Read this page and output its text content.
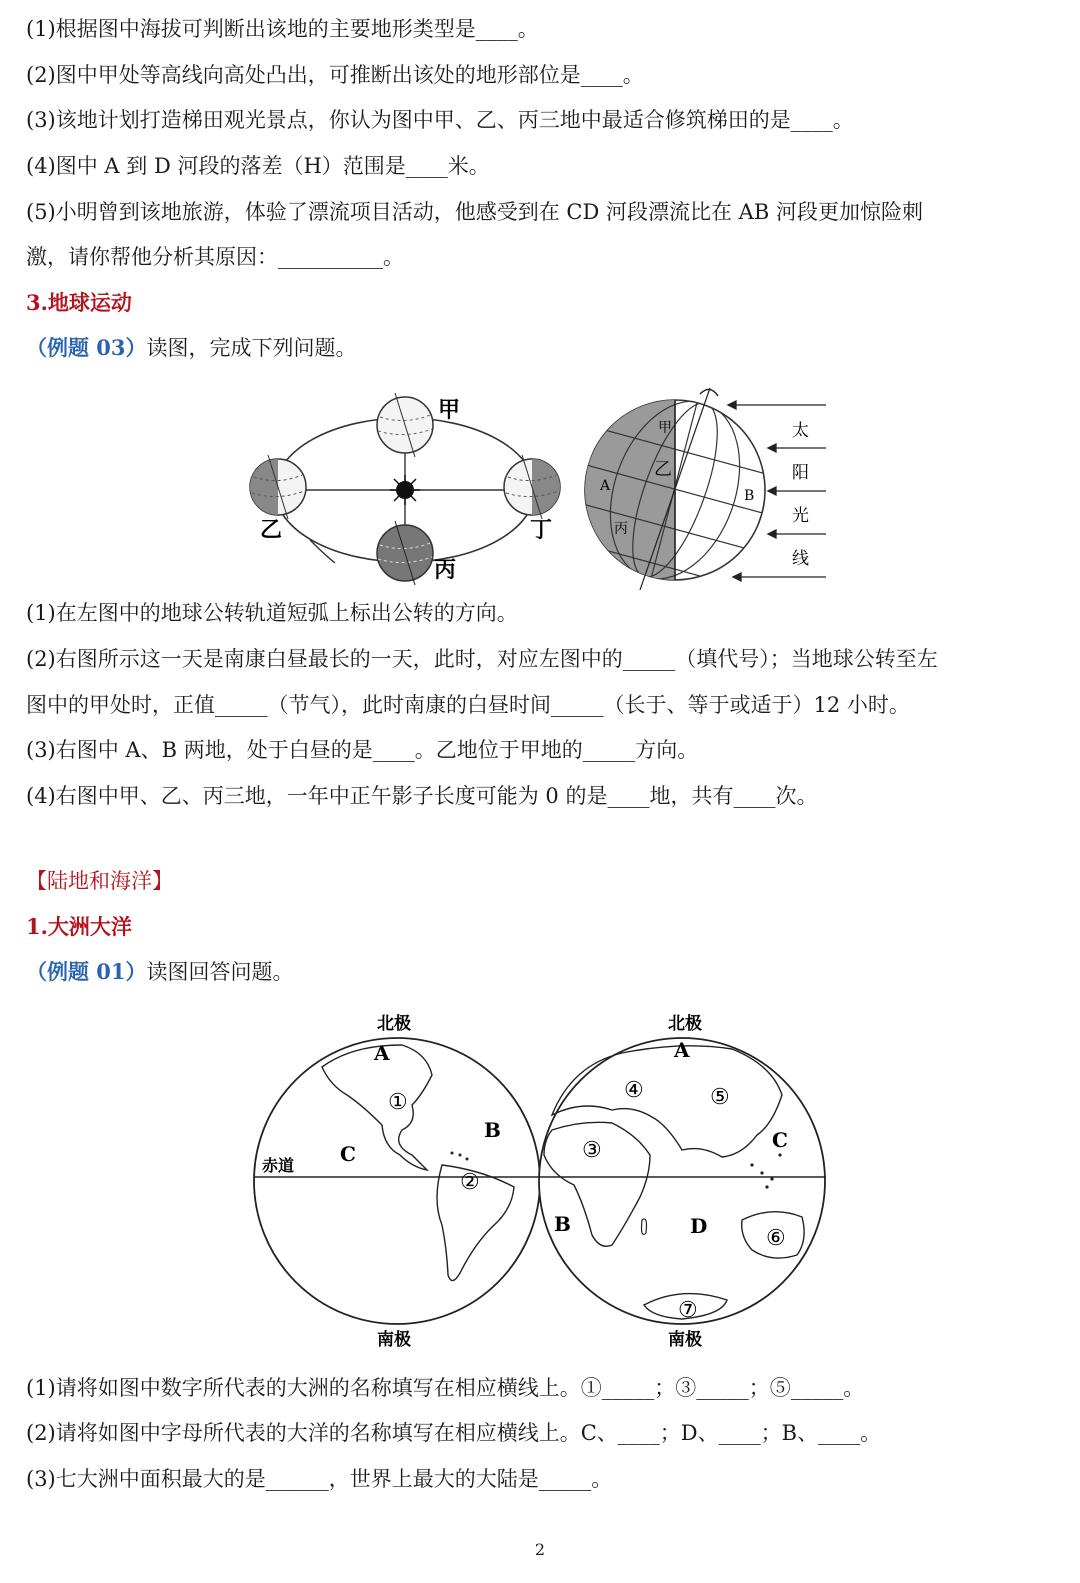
(1)根据图中海拔可判断出该地的主要地形类型是____。
(2)图中甲处等高线向高处凸出，可推断出该处的地形部位是____。
(3)该地计划打造梯田观光景点，你认为图中甲、乙、丙三地中最适合修筑梯田的是____。
(4)图中 A 到 D 河段的落差（H）范围是____米。
(5)小明曾到该地旅游，体验了漂流项目活动，他感受到在 CD 河段漂流比在 AB 河段更加惊险刺
激，请你帮他分析其原因：__________。
3.地球运动
（例题 03）读图，完成下列问题。
甲
乙	丁
丙
甲
乙
A
丙
B
太
阳
光
线
(1)在左图中的地球公转轨道短弧上标出公转的方向。
(2)右图所示这一天是南康白昼最长的一天，此时，对应左图中的_____（填代号）；当地球公转至左
图中的甲处时，正值_____（节气），此时南康的白昼时间_____（长于、等于或适于）12 小时。
(3)右图中 A、B 两地，处于白昼的是____。乙地位于甲地的_____方向。
(4)右图中甲、乙、丙三地，一年中正午影子长度可能为 0 的是____地，共有____次。
【陆地和海洋】
1.大洲大洋
（例题 01）读图回答问题。
北极	北极
南极	南极
赤道
A
B
C
A
C
B	D
①
②
③
④	⑤
⑥
⑦
(1)请将如图中数字所代表的大洲的名称填写在相应横线上。①_____；③_____；⑤_____。
(2)请将如图中字母所代表的大洋的名称填写在相应横线上。C、____；D、____；B、____。
(3)七大洲中面积最大的是______，世界上最大的大陆是_____。
2
